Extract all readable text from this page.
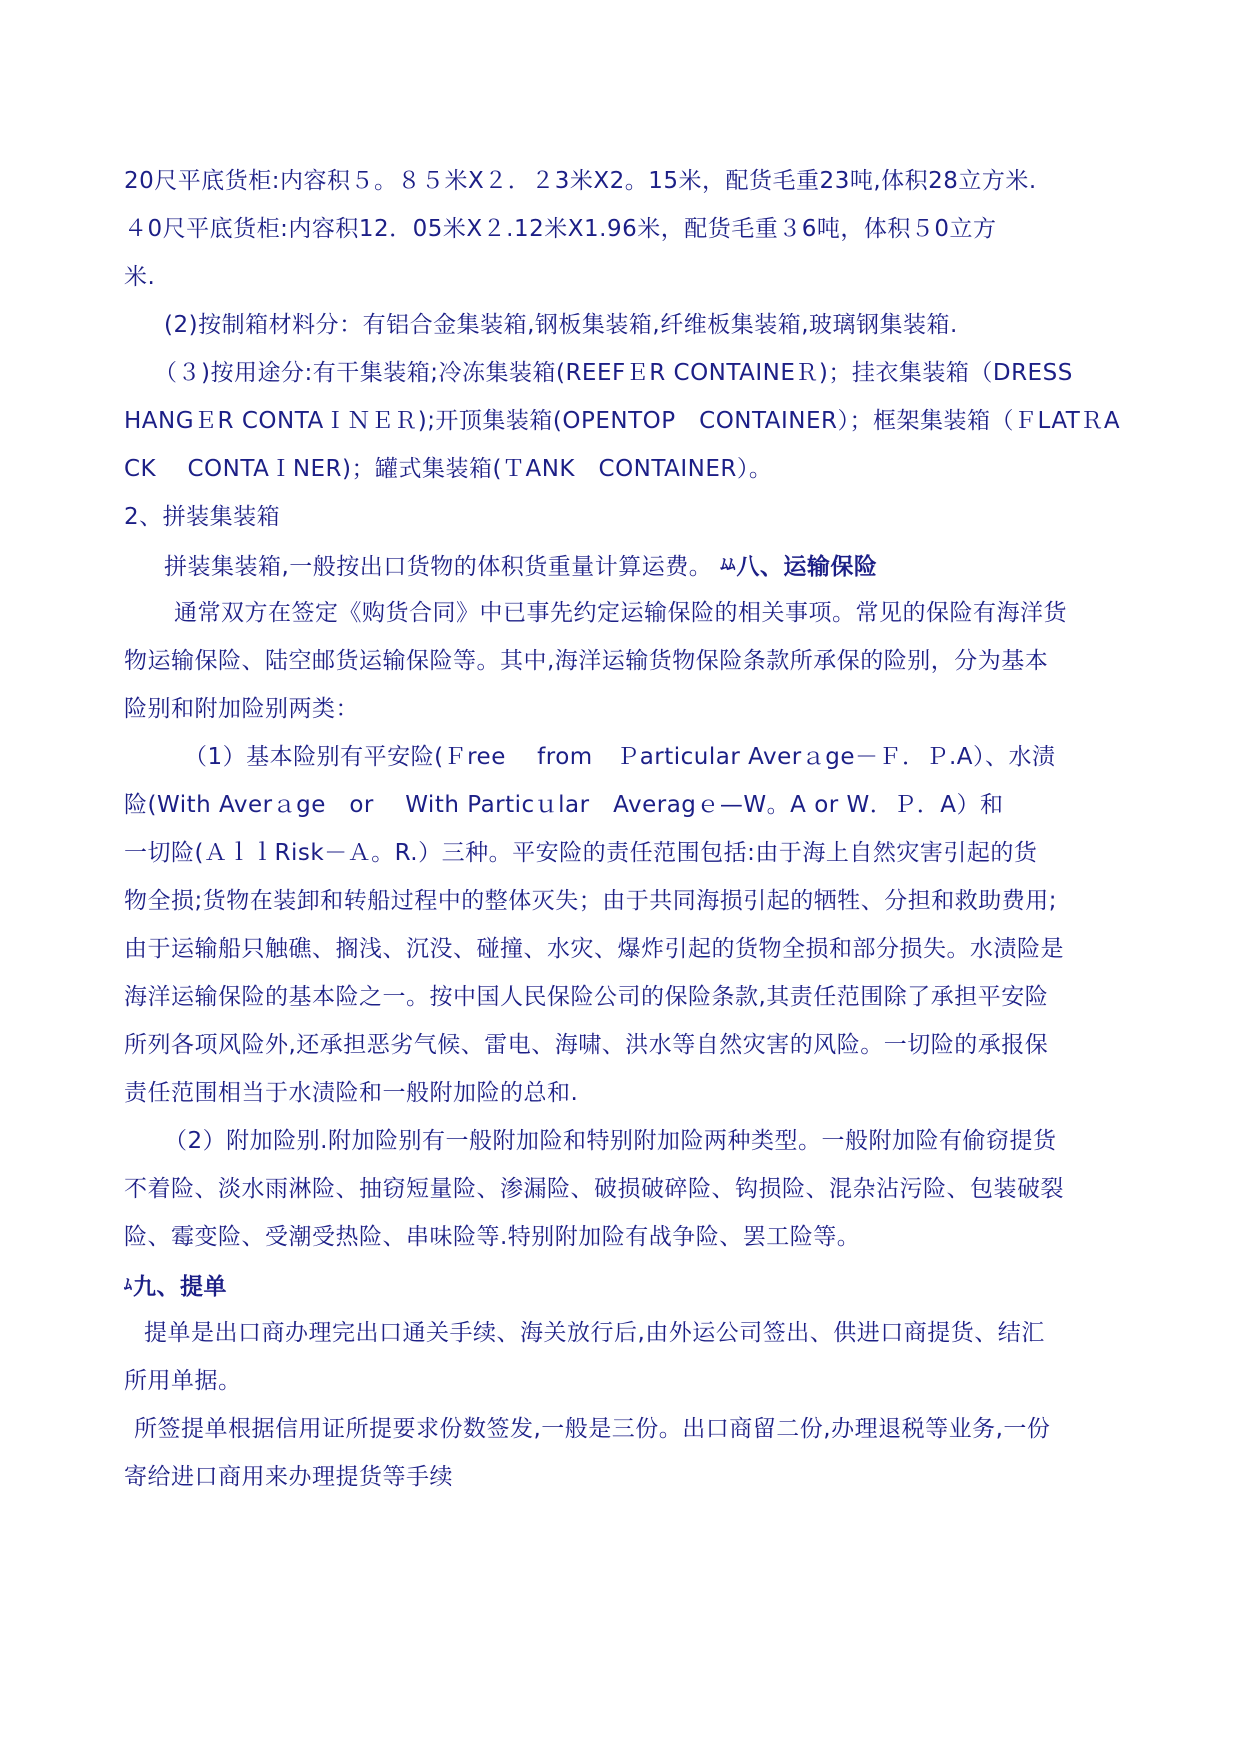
20尺平底货柜:内容积５。８５米X２．２3米X2。15米，配货毛重23吨,体积28立方米.
４0尺平底货柜:内容积12．05米X２.12米X1.96米，配货毛重３6吨，体积５0立方
米.
(2)按制箱材料分：有铝合金集装箱,钢板集装箱,纤维板集装箱,玻璃钢集装箱.
（３)按用途分:有干集装箱;冷冻集装箱(REEFＥR CONTAINEＲ)；挂衣集装箱（DRESS
HANGＥR CONTAＩＮＥＲ);开顶集装箱(OPENTOP　CONTAINER）；框架集装箱（ＦLATＲA
CK　 CONTAＩNER)；罐式集装箱(ＴANK　CONTAINER）。
2、拼装集装箱
拼装集装箱,一般按出口货物的体积货重量计算运费。 ﾑﾑ八、运输保险
通常双方在签定《购货合同》中已事先约定运输保险的相关事项。常见的保险有海洋货
物运输保险、陆空邮货运输保险等。其中,海洋运输货物保险条款所承保的险别，分为基本
险别和附加险别两类：
（1）基本险别有平安险(Ｆree　 from　Ｐarticular Averａge－Ｆ．Ｐ.A）、水渍
险(With Averａge　or　 With Particｕlar　Averagｅ—W。A or W．Ｐ．A）和
一切险(ＡｌｌRisk－Ａ。R.）三种。平安险的责任范围包括:由于海上自然灾害引起的货
物全损;货物在装卸和转船过程中的整体灭失；由于共同海损引起的牺牲、分担和救助费用;
由于运输船只触礁、搁浅、沉没、碰撞、水灾、爆炸引起的货物全损和部分损失。水渍险是
海洋运输保险的基本险之一。按中国人民保险公司的保险条款,其责任范围除了承担平安险
所列各项风险外,还承担恶劣气候、雷电、海啸、洪水等自然灾害的风险。一切险的承报保
责任范围相当于水渍险和一般附加险的总和.
（2）附加险别.附加险别有一般附加险和特别附加险两种类型。一般附加险有偷窃提货
不着险、淡水雨淋险、抽窃短量险、渗漏险、破损破碎险、钩损险、混杂沾污险、包装破裂
险、霉变险、受潮受热险、串味险等.特别附加险有战争险、罢工险等。
ﾑ九、提单
提单是出口商办理完出口通关手续、海关放行后,由外运公司签出、供进口商提货、结汇
所用单据。
所签提单根据信用证所提要求份数签发,一般是三份。出口商留二份,办理退税等业务,一份
寄给进口商用来办理提货等手续
